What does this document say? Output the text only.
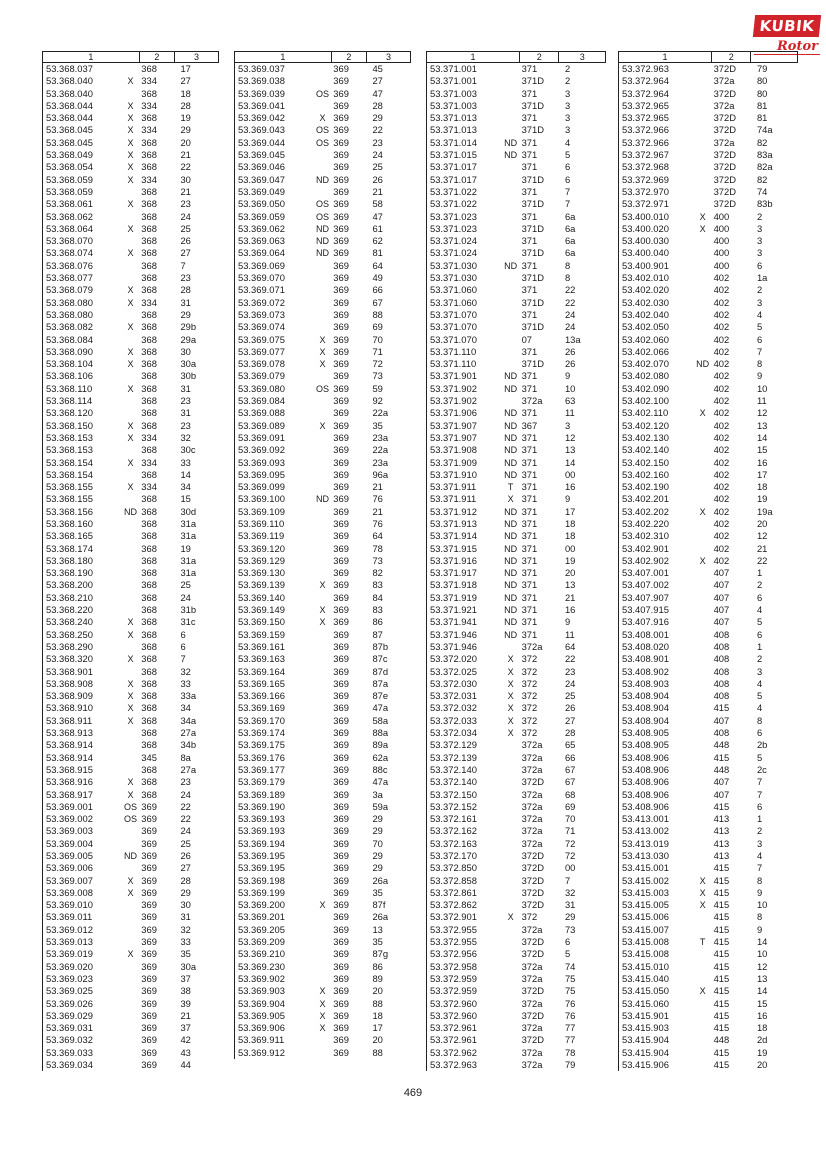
KUBIK
Rotor
1		2	3
53.368.037		368	17
53.368.040	X	334	27
53.368.040		368	18
53.368.044	X	334	28
53.368.044	X	368	19
53.368.045	X	334	29
53.368.045	X	368	20
53.368.049	X	368	21
53.368.054	X	368	22
53.368.059	X	334	30
53.368.059		368	21
53.368.061	X	368	23
53.368.062		368	24
53.368.064	X	368	25
53.368.070		368	26
53.368.074	X	368	27
53.368.076		368	7
53.368.077		368	23
53.368.079	X	368	28
53.368.080	X	334	31
53.368.080		368	29
53.368.082	X	368	29b
53.368.084		368	29a
53.368.090	X	368	30
53.368.104	X	368	30a
53.368.106		368	30b
53.368.110	X	368	31
53.368.114		368	23
53.368.120		368	31
53.368.150	X	368	23
53.368.153	X	334	32
53.368.153		368	30c
53.368.154	X	334	33
53.368.154		368	14
53.368.155	X	334	34
53.368.155		368	15
53.368.156	ND	368	30d
53.368.160		368	31a
53.368.165		368	31a
53.368.174		368	19
53.368.180		368	31a
53.368.190		368	31a
53.368.200		368	25
53.368.210		368	24
53.368.220		368	31b
53.368.240	X	368	31c
53.368.250	X	368	6
53.368.290		368	6
53.368.320	X	368	7
53.368.901		368	32
53.368.908	X	368	33
53.368.909	X	368	33a
53.368.910	X	368	34
53.368.911	X	368	34a
53.368.913		368	27a
53.368.914		368	34b
53.368.914		345	8a
53.368.915		368	27a
53.368.916	X	368	23
53.368.917	X	368	24
53.369.001	OS	369	22
53.369.002	OS	369	22
53.369.003		369	24
53.369.004		369	25
53.369.005	ND	369	26
53.369.006		369	27
53.369.007	X	369	28
53.369.008	X	369	29
53.369.010		369	30
53.369.011		369	31
53.369.012		369	32
53.369.013		369	33
53.369.019	X	369	35
53.369.020		369	30a
53.369.023		369	37
53.369.025		369	38
53.369.026		369	39
53.369.029		369	21
53.369.031		369	37
53.369.032		369	42
53.369.033		369	43
53.369.034		369	44
1		2	3
53.369.037		369	45
53.369.038		369	27
53.369.039	OS	369	47
53.369.041		369	28
53.369.042	X	369	29
53.369.043	OS	369	22
53.369.044	OS	369	23
53.369.045		369	24
53.369.046		369	25
53.369.047	ND	369	26
53.369.049		369	21
53.369.050	OS	369	58
53.369.059	OS	369	47
53.369.062	ND	369	61
53.369.063	ND	369	62
53.369.064	ND	369	81
53.369.069		369	64
53.369.070		369	49
53.369.071		369	66
53.369.072		369	67
53.369.073		369	88
53.369.074		369	69
53.369.075	X	369	70
53.369.077	X	369	71
53.369.078	X	369	72
53.369.079		369	73
53.369.080	OS	369	59
53.369.084		369	92
53.369.088		369	22a
53.369.089	X	369	35
53.369.091		369	23a
53.369.092		369	22a
53.369.093		369	23a
53.369.095		369	96a
53.369.099		369	21
53.369.100	ND	369	76
53.369.109		369	21
53.369.110		369	76
53.369.119		369	64
53.369.120		369	78
53.369.129		369	73
53.369.130		369	82
53.369.139	X	369	83
53.369.140		369	84
53.369.149	X	369	83
53.369.150	X	369	86
53.369.159		369	87
53.369.161		369	87b
53.369.163		369	87c
53.369.164		369	87d
53.369.165		369	87a
53.369.166		369	87e
53.369.169		369	47a
53.369.170		369	58a
53.369.174		369	88a
53.369.175		369	89a
53.369.176		369	62a
53.369.177		369	88c
53.369.179		369	47a
53.369.189		369	3a
53.369.190		369	59a
53.369.193		369	29
53.369.193		369	29
53.369.194		369	70
53.369.195		369	29
53.369.195		369	29
53.369.198		369	26a
53.369.199		369	35
53.369.200	X	369	87f
53.369.201		369	26a
53.369.205		369	13
53.369.209		369	35
53.369.210		369	87g
53.369.230		369	86
53.369.902		369	89
53.369.903	X	369	20
53.369.904	X	369	88
53.369.905	X	369	18
53.369.906	X	369	17
53.369.911		369	20
53.369.912		369	88
1		2	3
53.371.001		371	2
53.371.001		371D	2
53.371.003		371	3
53.371.003		371D	3
53.371.013		371	3
53.371.013		371D	3
53.371.014	ND	371	4
53.371.015	ND	371	5
53.371.017		371	6
53.371.017		371D	6
53.371.022		371	7
53.371.022		371D	7
53.371.023		371	6a
53.371.023		371D	6a
53.371.024		371	6a
53.371.024		371D	6a
53.371.030	ND	371	8
53.371.030		371D	8
53.371.060		371	22
53.371.060		371D	22
53.371.070		371	24
53.371.070		371D	24
53.371.070		07	13a
53.371.110		371	26
53.371.110		371D	26
53.371.901	ND	371	9
53.371.902	ND	371	10
53.371.902		372a	63
53.371.906	ND	371	11
53.371.907	ND	367	3
53.371.907	ND	371	12
53.371.908	ND	371	13
53.371.909	ND	371	14
53.371.910	ND	371	00
53.371.911	T	371	16
53.371.911	X	371	9
53.371.912	ND	371	17
53.371.913	ND	371	18
53.371.914	ND	371	18
53.371.915	ND	371	00
53.371.916	ND	371	19
53.371.917	ND	371	20
53.371.918	ND	371	13
53.371.919	ND	371	21
53.371.921	ND	371	16
53.371.941	ND	371	9
53.371.946	ND	371	11
53.371.946		372a	64
53.372.020	X	372	22
53.372.025	X	372	23
53.372.030	X	372	24
53.372.031	X	372	25
53.372.032	X	372	26
53.372.033	X	372	27
53.372.034	X	372	28
53.372.129		372a	65
53.372.139		372a	66
53.372.140		372a	67
53.372.140		372D	67
53.372.150		372a	68
53.372.152		372a	69
53.372.161		372a	70
53.372.162		372a	71
53.372.163		372a	72
53.372.170		372D	72
53.372.850		372D	00
53.372.858		372D	7
53.372.861		372D	32
53.372.862		372D	31
53.372.901	X	372	29
53.372.955		372a	73
53.372.955		372D	6
53.372.956		372D	5
53.372.958		372a	74
53.372.959		372a	75
53.372.959		372D	75
53.372.960		372a	76
53.372.960		372D	76
53.372.961		372a	77
53.372.961		372D	77
53.372.962		372a	78
53.372.963		372a	79
1		2	
53.372.963		372D	79
53.372.964		372a	80
53.372.964		372D	80
53.372.965		372a	81
53.372.965		372D	81
53.372.966		372D	74a
53.372.966		372a	82
53.372.967		372D	83a
53.372.968		372D	82a
53.372.969		372D	82
53.372.970		372D	74
53.372.971		372D	83b
53.400.010	X	400	2
53.400.020	X	400	3
53.400.030		400	3
53.400.040		400	3
53.400.901		400	6
53.402.010		402	1a
53.402.020		402	2
53.402.030		402	3
53.402.040		402	4
53.402.050		402	5
53.402.060		402	6
53.402.066		402	7
53.402.070	ND	402	8
53.402.080		402	9
53.402.090		402	10
53.402.100		402	11
53.402.110	X	402	12
53.402.120		402	13
53.402.130		402	14
53.402.140		402	15
53.402.150		402	16
53.402.160		402	17
53.402.190		402	18
53.402.201		402	19
53.402.202	X	402	19a
53.402.220		402	20
53.402.310		402	12
53.402.901		402	21
53.402.902	X	402	22
53.407.001		407	1
53.407.002		407	2
53.407.907		407	6
53.407.915		407	4
53.407.916		407	5
53.408.001		408	6
53.408.020		408	1
53.408.901		408	2
53.408.902		408	3
53.408.903		408	4
53.408.904		408	5
53.408.904		415	4
53.408.904		407	8
53.408.905		408	6
53.408.905		448	2b
53.408.906		415	5
53.408.906		448	2c
53.408.906		407	7
53.408.906		407	7
53.408.906		415	6
53.413.001		413	1
53.413.002		413	2
53.413.019		413	3
53.413.030		413	4
53.415.001		415	7
53.415.002	X	415	8
53.415.003	X	415	9
53.415.005	X	415	10
53.415.006		415	8
53.415.007		415	9
53.415.008	T	415	14
53.415.008		415	10
53.415.010		415	12
53.415.040		415	13
53.415.050	X	415	14
53.415.060		415	15
53.415.901		415	16
53.415.903		415	18
53.415.904		448	2d
53.415.904		415	19
53.415.906		415	20
469
